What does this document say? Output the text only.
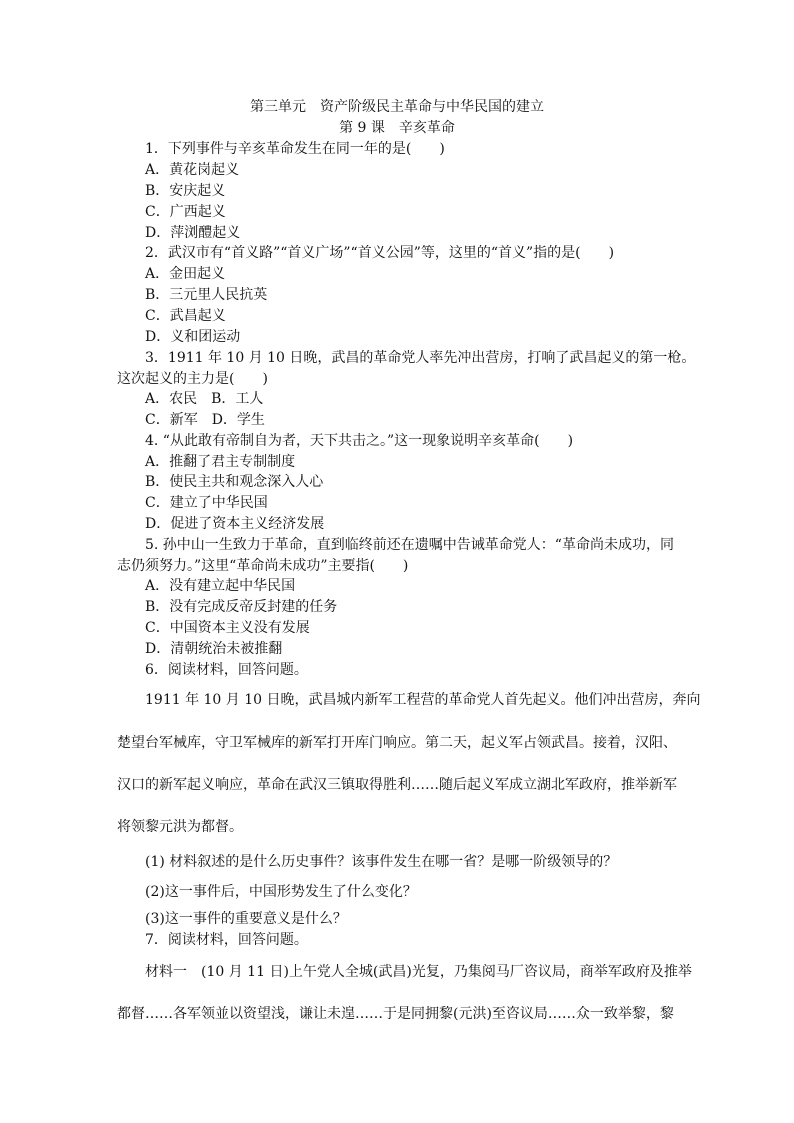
第三单元　资产阶级民主革命与中华民国的建立
第 9 课　辛亥革命
1．下列事件与辛亥革命发生在同一年的是(　　)
A．黄花岗起义
B．安庆起义
C．广西起义
D．萍浏醴起义
2．武汉市有“首义路”“首义广场”“首义公园”等，这里的“首义”指的是(　　)
A．金田起义
B．三元里人民抗英
C．武昌起义
D．义和团运动
3．1911 年 10 月 10 日晚，武昌的革命党人率先冲出营房，打响了武昌起义的第一枪。
这次起义的主力是(　　)
A．农民　B．工人
C．新军　D．学生
4. “从此敢有帝制自为者，天下共击之。”这一现象说明辛亥革命(　　)
A．推翻了君主专制制度
B．使民主共和观念深入人心
C．建立了中华民国
D．促进了资本主义经济发展
5. 孙中山一生致力于革命，直到临终前还在遗嘱中告诫革命党人：“革命尚未成功，同
志仍须努力。”这里“革命尚未成功”主要指(　　)
A．没有建立起中华民国
B．没有完成反帝反封建的任务
C．中国资本主义没有发展
D．清朝统治未被推翻
6．阅读材料，回答问题。
1911 年 10 月 10 日晚，武昌城内新军工程营的革命党人首先起义。他们冲出营房，奔向
楚望台军械库，守卫军械库的新军打开库门响应。第二天，起义军占领武昌。接着，汉阳、
汉口的新军起义响应，革命在武汉三镇取得胜利……随后起义军成立湖北军政府，推举新军
将领黎元洪为都督。
(1) 材料叙述的是什么历史事件？该事件发生在哪一省？是哪一阶级领导的？
(2)这一事件后，中国形势发生了什么变化？
(3)这一事件的重要意义是什么？
7．阅读材料，回答问题。
材料一　(10 月 11 日)上午党人全城(武昌)光复，乃集阅马厂咨议局，商举军政府及推举
都督……各军领並以资望浅，谦让未遑……于是同拥黎(元洪)至咨议局……众一致举黎，黎
